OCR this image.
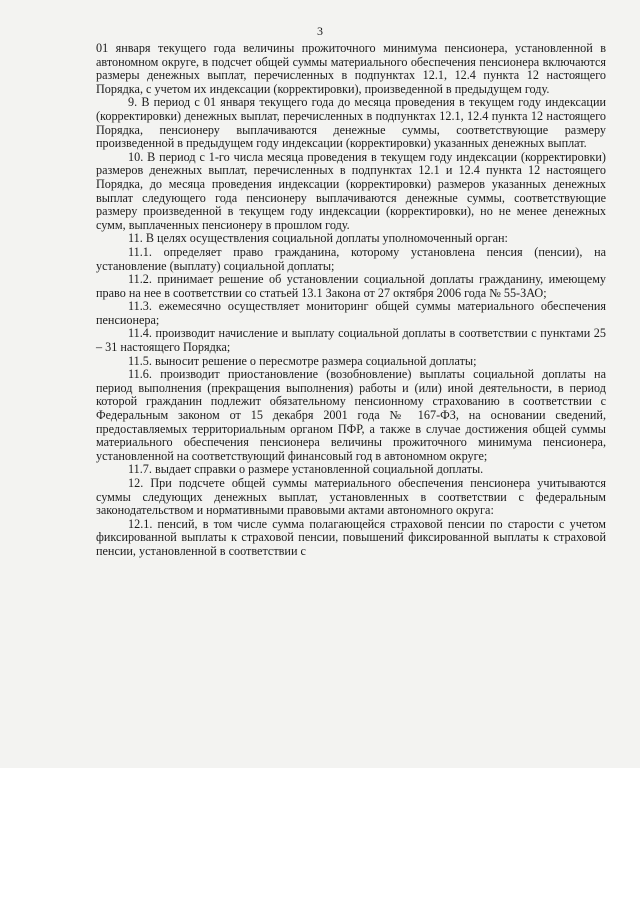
3

01 января текущего года величины прожиточного минимума пенсионера, установленной в автономном округе, в подсчет общей суммы материального обеспечения пенсионера включаются размеры денежных выплат, перечисленных в подпунктах 12.1, 12.4 пункта 12 настоящего Порядка, с учетом их индексации (корректировки), произведенной в предыдущем году.

9. В период с 01 января текущего года до месяца проведения в текущем году индексации (корректировки) денежных выплат, перечисленных в подпунктах 12.1, 12.4 пункта 12 настоящего Порядка, пенсионеру выплачиваются денежные суммы, соответствующие размеру произведенной в предыдущем году индексации (корректировки) указанных денежных выплат.

10. В период с 1-го числа месяца проведения в текущем году индексации (корректировки) размеров денежных выплат, перечисленных в подпунктах 12.1 и 12.4 пункта 12 настоящего Порядка, до месяца проведения индексации (корректировки) размеров указанных денежных выплат следующего года пенсионеру выплачиваются денежные суммы, соответствующие размеру произведенной в текущем году индексации (корректировки), но не менее денежных сумм, выплаченных пенсионеру в прошлом году.

11. В целях осуществления социальной доплаты уполномоченный орган:

11.1. определяет право гражданина, которому установлена пенсия (пенсии), на установление (выплату) социальной доплаты;

11.2. принимает решение об установлении социальной доплаты гражданину, имеющему право на нее в соответствии со статьей 13.1 Закона от 27 октября 2006 года № 55-ЗАО;

11.3. ежемесячно осуществляет мониторинг общей суммы материального обеспечения пенсионера;

11.4. производит начисление и выплату социальной доплаты в соответствии с пунктами 25 – 31 настоящего Порядка;

11.5. выносит решение о пересмотре размера социальной доплаты;

11.6. производит приостановление (возобновление) выплаты социальной доплаты на период выполнения (прекращения выполнения) работы и (или) иной деятельности, в период которой гражданин подлежит обязательному пенсионному страхованию в соответствии с Федеральным законом от 15 декабря 2001 года № 167-ФЗ, на основании сведений, предоставляемых территориальным органом ПФР, а также в случае достижения общей суммы материального обеспечения пенсионера величины прожиточного минимума пенсионера, установленной на соответствующий финансовый год в автономном округе;

11.7. выдает справки о размере установленной социальной доплаты.

12. При подсчете общей суммы материального обеспечения пенсионера учитываются суммы следующих денежных выплат, установленных в соответствии с федеральным законодательством и нормативными правовыми актами автономного округа:

12.1. пенсий, в том числе сумма полагающейся страховой пенсии по старости с учетом фиксированной выплаты к страховой пенсии, повышений фиксированной выплаты к страховой пенсии, установленной в соответствии с
